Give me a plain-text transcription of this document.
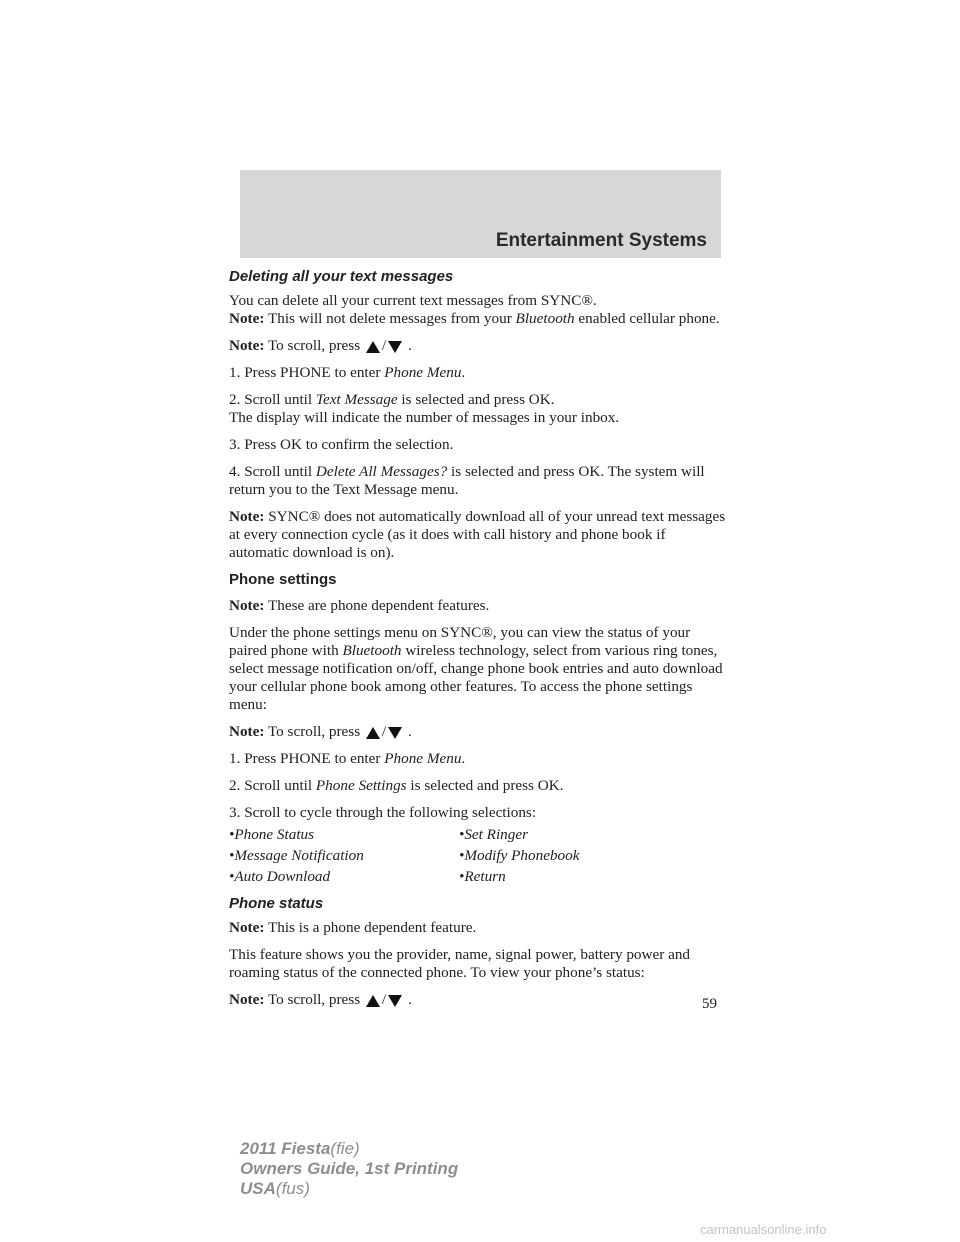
Entertainment Systems
Deleting all your text messages

You can delete all your current text messages from SYNC®.

Note: This will not delete messages from your Bluetooth enabled cellular phone.

Note: To scroll, press / .

1. Press PHONE to enter Phone Menu.

2. Scroll until Text Message is selected and press OK.

The display will indicate the number of messages in your inbox.

3. Press OK to confirm the selection.

4. Scroll until Delete All Messages? is selected and press OK. The system will return you to the Text Message menu.

Note: SYNC® does not automatically download all of your unread text messages at every connection cycle (as it does with call history and phone book if automatic download is on).

Phone settings

Note: These are phone dependent features.

Under the phone settings menu on SYNC®, you can view the status of your paired phone with Bluetooth wireless technology, select from various ring tones, select message notification on/off, change phone book entries and auto download your cellular phone book among other features. To access the phone settings menu:

Note: To scroll, press / .

1. Press PHONE to enter Phone Menu.

2. Scroll until Phone Settings is selected and press OK.

3. Scroll to cycle through the following selections:

•Phone Status	•Set Ringer
•Message Notification	•Modify Phonebook
•Auto Download	•Return
Phone status

Note: This is a phone dependent feature.

This feature shows you the provider, name, signal power, battery power and roaming status of the connected phone. To view your phone’s status:

Note: To scroll, press / .	59
2011 Fiesta(fie)
Owners Guide, 1st Printing
USA(fus)
carmanualsonline.info
